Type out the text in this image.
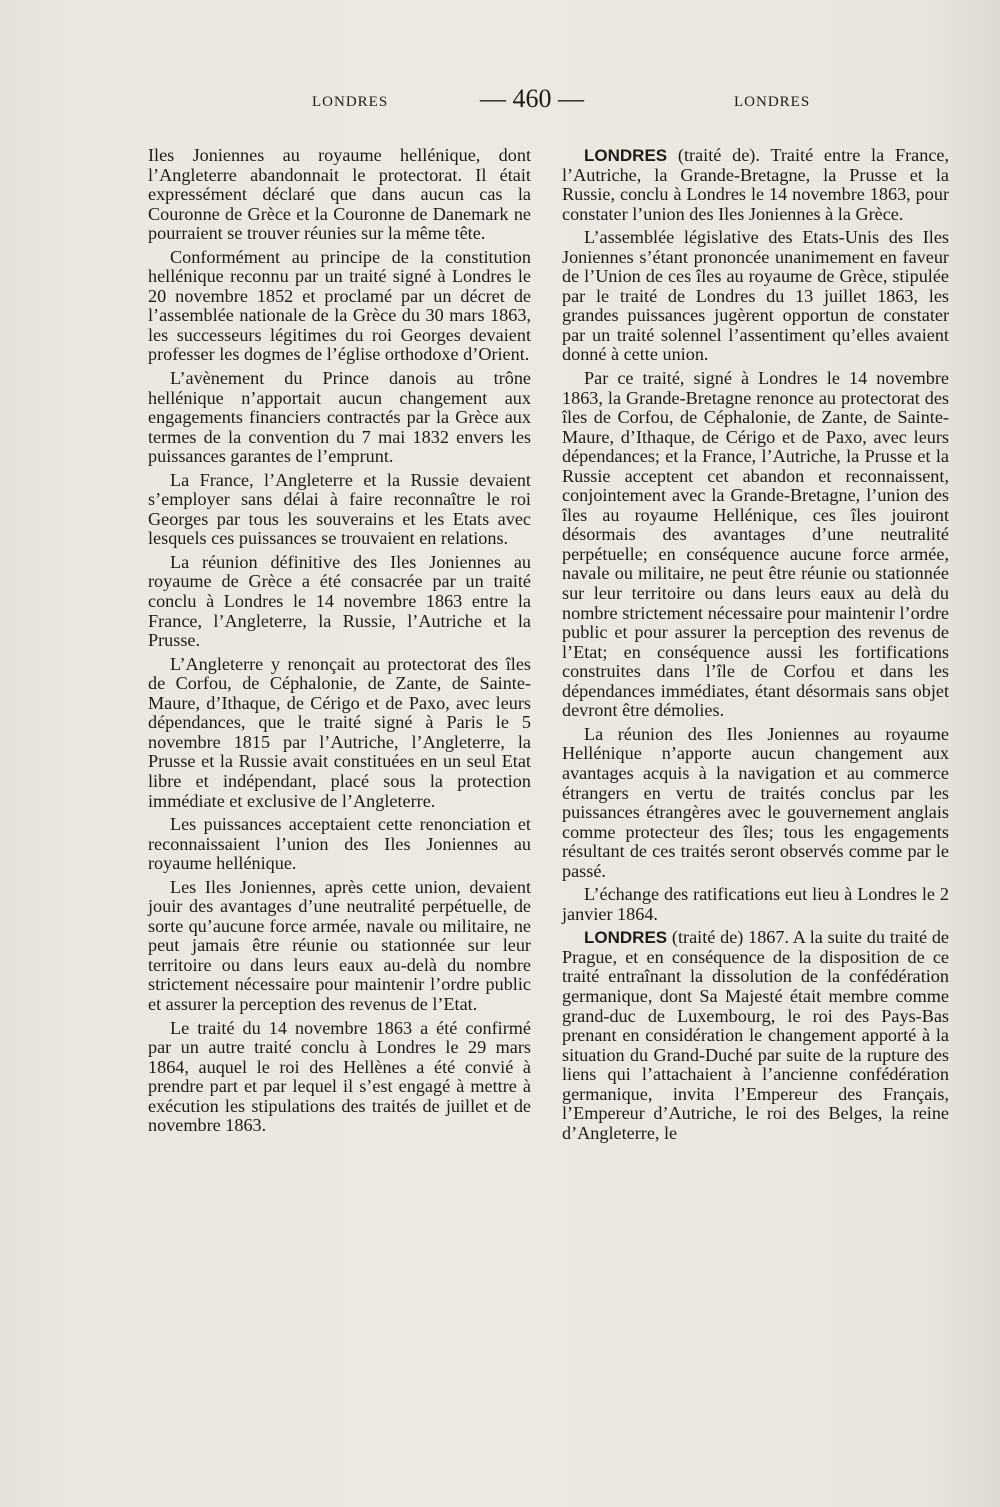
LONDRES	— 460 —	LONDRES

Iles Joniennes au royaume hellénique, dont l’Angleterre abandonnait le protectorat. Il était expressément déclaré que dans aucun cas la Couronne de Grèce et la Couronne de Danemark ne pourraient se trouver réunies sur la même tête.

Conformément au principe de la constitution hellénique reconnu par un traité signé à Londres le 20 novembre 1852 et proclamé par un décret de l’assemblée nationale de la Grèce du 30 mars 1863, les successeurs légitimes du roi Georges devaient professer les dogmes de l’église orthodoxe d’Orient.

L’avènement du Prince danois au trône hellénique n’apportait aucun changement aux engagements financiers contractés par la Grèce aux termes de la convention du 7 mai 1832 envers les puissances garantes de l’emprunt.

La France, l’Angleterre et la Russie devaient s’employer sans délai à faire reconnaître le roi Georges par tous les souverains et les Etats avec lesquels ces puissances se trouvaient en relations.

La réunion définitive des Iles Joniennes au royaume de Grèce a été consacrée par un traité conclu à Londres le 14 novembre 1863 entre la France, l’Angleterre, la Russie, l’Autriche et la Prusse.

L’Angleterre y renonçait au protectorat des îles de Corfou, de Céphalonie, de Zante, de Sainte-Maure, d’Ithaque, de Cérigo et de Paxo, avec leurs dépendances, que le traité signé à Paris le 5 novembre 1815 par l’Autriche, l’Angleterre, la Prusse et la Russie avait constituées en un seul Etat libre et indépendant, placé sous la protection immédiate et exclusive de l’Angleterre.

Les puissances acceptaient cette renonciation et reconnaissaient l’union des Iles Joniennes au royaume hellénique.

Les Iles Joniennes, après cette union, devaient jouir des avantages d’une neutralité perpétuelle, de sorte qu’aucune force armée, navale ou militaire, ne peut jamais être réunie ou stationnée sur leur territoire ou dans leurs eaux au-delà du nombre strictement nécessaire pour maintenir l’ordre public et assurer la perception des revenus de l’Etat.

Le traité du 14 novembre 1863 a été confirmé par un autre traité conclu à Londres le 29 mars 1864, auquel le roi des Hellènes a été convié à prendre part et par lequel il s’est engagé à mettre à exécution les stipulations des traités de juillet et de novembre 1863.

LONDRES (traité de). Traité entre la France, l’Autriche, la Grande-Bretagne, la Prusse et la Russie, conclu à Londres le 14 novembre 1863, pour constater l’union des Iles Joniennes à la Grèce.

L’assemblée législative des Etats-Unis des Iles Joniennes s’étant prononcée unanimement en faveur de l’Union de ces îles au royaume de Grèce, stipulée par le traité de Londres du 13 juillet 1863, les grandes puissances jugèrent opportun de constater par un traité solennel l’assentiment qu’elles avaient donné à cette union.

Par ce traité, signé à Londres le 14 novembre 1863, la Grande-Bretagne renonce au protectorat des îles de Corfou, de Céphalonie, de Zante, de Sainte-Maure, d’Ithaque, de Cérigo et de Paxo, avec leurs dépendances; et la France, l’Autriche, la Prusse et la Russie acceptent cet abandon et reconnaissent, conjointement avec la Grande-Bretagne, l’union des îles au royaume Hellénique, ces îles jouiront désormais des avantages d’une neutralité perpétuelle; en conséquence aucune force armée, navale ou militaire, ne peut être réunie ou stationnée sur leur territoire ou dans leurs eaux au delà du nombre strictement nécessaire pour maintenir l’ordre public et pour assurer la perception des revenus de l’Etat; en conséquence aussi les fortifications construites dans l’île de Corfou et dans les dépendances immédiates, étant désormais sans objet devront être démolies.

La réunion des Iles Joniennes au royaume Hellénique n’apporte aucun changement aux avantages acquis à la navigation et au commerce étrangers en vertu de traités conclus par les puissances étrangères avec le gouvernement anglais comme protecteur des îles; tous les engagements résultant de ces traités seront observés comme par le passé.

L’échange des ratifications eut lieu à Londres le 2 janvier 1864.

LONDRES (traité de) 1867. A la suite du traité de Prague, et en conséquence de la disposition de ce traité entraînant la dissolution de la confédération germanique, dont Sa Majesté était membre comme grand-duc de Luxembourg, le roi des Pays-Bas prenant en considération le changement apporté à la situation du Grand-Duché par suite de la rupture des liens qui l’attachaient à l’ancienne confédération germanique, invita l’Empereur des Français, l’Empereur d’Autriche, le roi des Belges, la reine d’Angleterre, le
